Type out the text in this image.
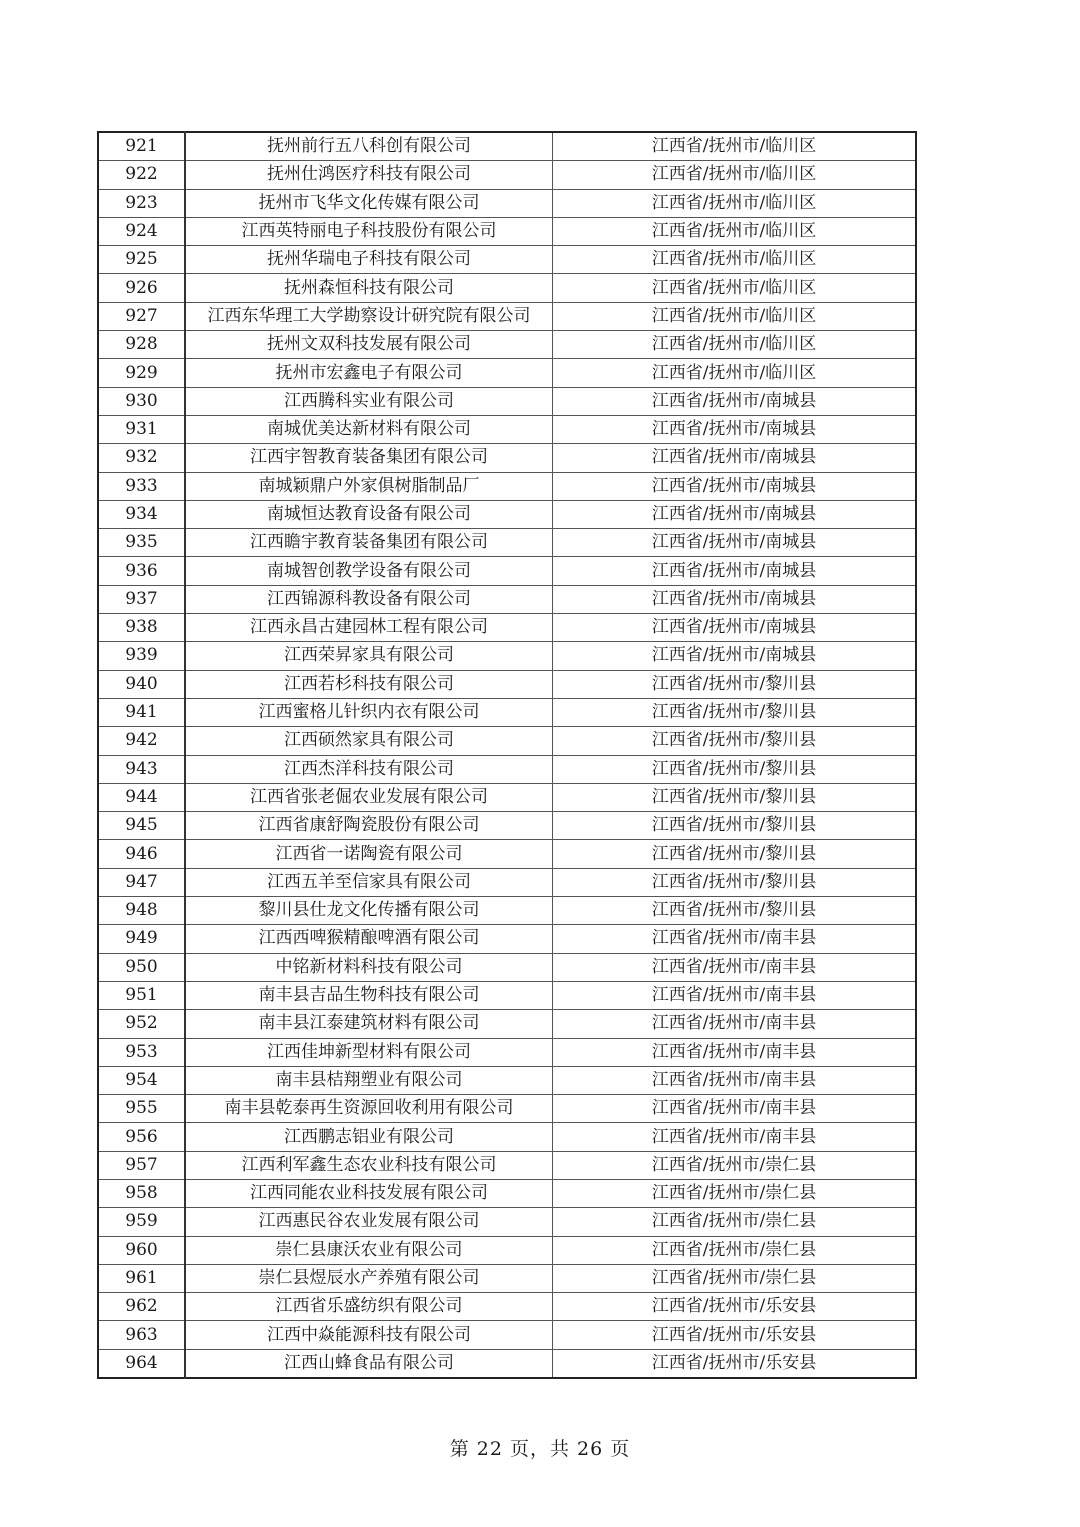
921	抚州前行五八科创有限公司	江西省/抚州市/临川区
922	抚州仕鸿医疗科技有限公司	江西省/抚州市/临川区
923	抚州市飞华文化传媒有限公司	江西省/抚州市/临川区
924	江西英特丽电子科技股份有限公司	江西省/抚州市/临川区
925	抚州华瑞电子科技有限公司	江西省/抚州市/临川区
926	抚州森恒科技有限公司	江西省/抚州市/临川区
927	江西东华理工大学勘察设计研究院有限公司	江西省/抚州市/临川区
928	抚州文双科技发展有限公司	江西省/抚州市/临川区
929	抚州市宏鑫电子有限公司	江西省/抚州市/临川区
930	江西腾科实业有限公司	江西省/抚州市/南城县
931	南城优美达新材料有限公司	江西省/抚州市/南城县
932	江西宇智教育装备集团有限公司	江西省/抚州市/南城县
933	南城颖鼎户外家俱树脂制品厂	江西省/抚州市/南城县
934	南城恒达教育设备有限公司	江西省/抚州市/南城县
935	江西瞻宇教育装备集团有限公司	江西省/抚州市/南城县
936	南城智创教学设备有限公司	江西省/抚州市/南城县
937	江西锦源科教设备有限公司	江西省/抚州市/南城县
938	江西永昌古建园林工程有限公司	江西省/抚州市/南城县
939	江西荣昇家具有限公司	江西省/抚州市/南城县
940	江西若杉科技有限公司	江西省/抚州市/黎川县
941	江西蜜格儿针织内衣有限公司	江西省/抚州市/黎川县
942	江西硕然家具有限公司	江西省/抚州市/黎川县
943	江西杰洋科技有限公司	江西省/抚州市/黎川县
944	江西省张老倔农业发展有限公司	江西省/抚州市/黎川县
945	江西省康舒陶瓷股份有限公司	江西省/抚州市/黎川县
946	江西省一诺陶瓷有限公司	江西省/抚州市/黎川县
947	江西五羊至信家具有限公司	江西省/抚州市/黎川县
948	黎川县仕龙文化传播有限公司	江西省/抚州市/黎川县
949	江西西啤猴精酿啤酒有限公司	江西省/抚州市/南丰县
950	中铭新材料科技有限公司	江西省/抚州市/南丰县
951	南丰县吉品生物科技有限公司	江西省/抚州市/南丰县
952	南丰县江泰建筑材料有限公司	江西省/抚州市/南丰县
953	江西佳坤新型材料有限公司	江西省/抚州市/南丰县
954	南丰县桔翔塑业有限公司	江西省/抚州市/南丰县
955	南丰县乾泰再生资源回收利用有限公司	江西省/抚州市/南丰县
956	江西鹏志铝业有限公司	江西省/抚州市/南丰县
957	江西利军鑫生态农业科技有限公司	江西省/抚州市/崇仁县
958	江西同能农业科技发展有限公司	江西省/抚州市/崇仁县
959	江西惠民谷农业发展有限公司	江西省/抚州市/崇仁县
960	崇仁县康沃农业有限公司	江西省/抚州市/崇仁县
961	崇仁县煜辰水产养殖有限公司	江西省/抚州市/崇仁县
962	江西省乐盛纺织有限公司	江西省/抚州市/乐安县
963	江西中焱能源科技有限公司	江西省/抚州市/乐安县
964	江西山蜂食品有限公司	江西省/抚州市/乐安县
第 22 页，共 26 页
